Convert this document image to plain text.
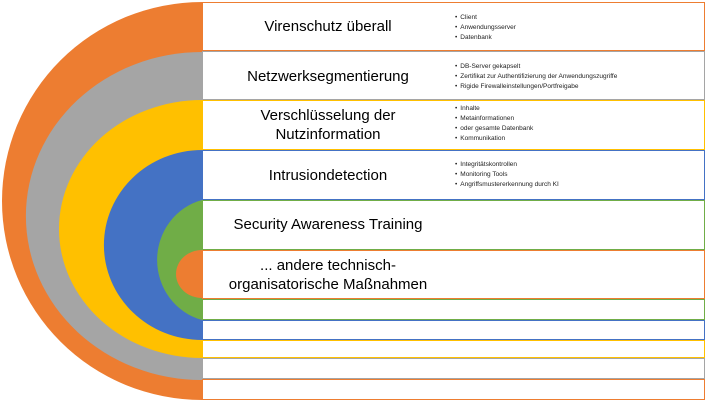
Virenschutz überall
• Client
• Anwendungsserver
• Datenbank
Netzwerksegmentierung
• DB-Server gekapselt
• Zertifikat zur Authentifizierung der Anwendungszugriffe
• Rigide Firewalleinstellungen/Portfreigabe
Verschlüsselung der
Nutzinformation
• Inhalte
• Metainformationen
• oder gesamte Datenbank
• Kommunikation
Intrusiondetection
• Integritätskontrollen
• Monitoring Tools
• Angriffsmustererkennung durch KI
Security Awareness Training
... andere technisch-
organisatorische Maßnahmen
